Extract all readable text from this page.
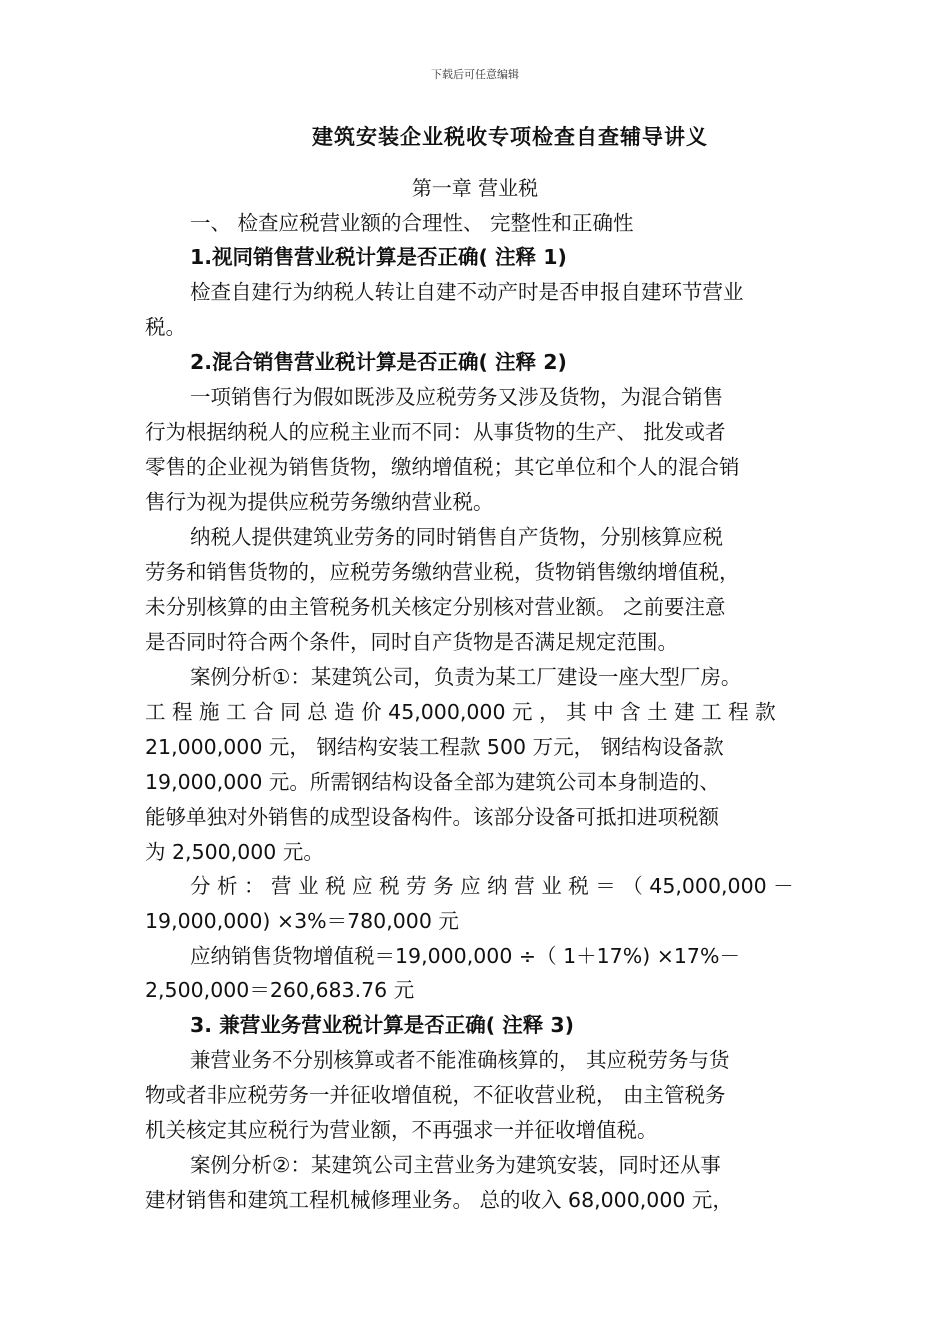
下载后可任意编辑
建筑安装企业税收专项检查自查辅导讲义
第一章 营业税
一、 检查应税营业额的合理性、 完整性和正确性
1.视同销售营业税计算是否正确( 注释 1)
检查自建行为纳税人转让自建不动产时是否申报自建环节营业
税。
2.混合销售营业税计算是否正确( 注释 2)
一项销售行为假如既涉及应税劳务又涉及货物，为混合销售
行为根据纳税人的应税主业而不同：从事货物的生产、 批发或者
零售的企业视为销售货物，缴纳增值税；其它单位和个人的混合销
售行为视为提供应税劳务缴纳营业税。
纳税人提供建筑业劳务的同时销售自产货物，分别核算应税
劳务和销售货物的，应税劳务缴纳营业税，货物销售缴纳增值税，
未分别核算的由主管税务机关核定分别核对营业额。 之前要注意
是否同时符合两个条件，同时自产货物是否满足规定范围。
案例分析①：某建筑公司，负责为某工厂建设一座大型厂房。
工 程 施 工 合 同 总 造 价 45,000,000 元 ， 其 中 含 土 建 工 程 款
21,000,000 元， 钢结构安装工程款 500 万元， 钢结构设备款
19,000,000 元。所需钢结构设备全部为建筑公司本身制造的、
能够单独对外销售的成型设备构件。该部分设备可抵扣进项税额
为 2,500,000 元。
分 析 ： 营 业 税 应 税 劳 务 应 纳 营 业 税 ＝ （ 45,000,000 －
19,000,000) ×3%＝780,000 元
应纳销售货物增值税＝19,000,000 ÷（ 1＋17%) ×17%－
2,500,000＝260,683.76 元
3. 兼营业务营业税计算是否正确( 注释 3)
兼营业务不分别核算或者不能准确核算的， 其应税劳务与货
物或者非应税劳务一并征收增值税，不征收营业税， 由主管税务
机关核定其应税行为营业额，不再强求一并征收增值税。
案例分析②：某建筑公司主营业务为建筑安装，同时还从事
建材销售和建筑工程机械修理业务。 总的收入 68,000,000 元，
